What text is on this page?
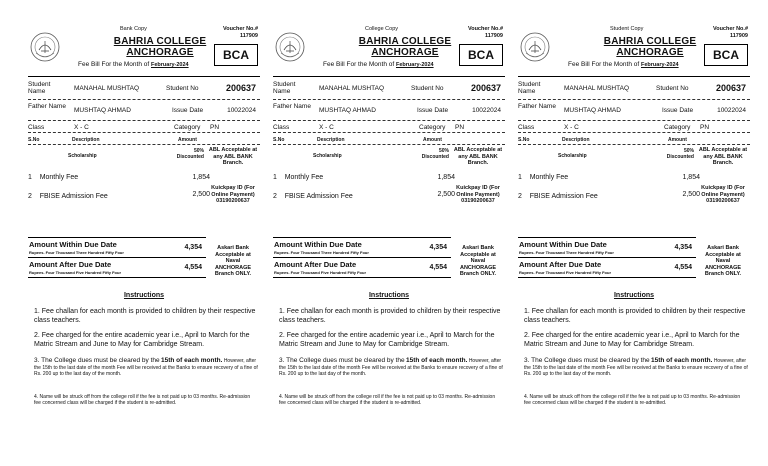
Bank Copy	Voucher No.#
117909
BAHRIA COLLEGE
ANCHORAGE	BCA
Fee Bill For the Month of February-2024
Student Name	MANAHAL MUSHTAQ	Student No	200637
Father Name
MUSHTAQ AHMAD	Issue Date	10022024
Class	X - C	Category PN
S.No	Description	Amount
Scholarship
50% Discounted
ABL Acceptable at any ABL BANK Branch.
1 Monthly Fee	1,854
2 FBISE Admission Fee	2,500
Kuickpay ID (For Online Payment) 03190200637
Amount Within Due Date
Rupees. Four Thousand Three Hundred Fifty Four
4,354
Amount After Due Date
Rupees. Four Thousand Five Hundred Fifty Four
4,554
Askari Bank Acceptable at Naval ANCHORAGE Branch ONLY.
Instructions
1. Fee challan for each month is provided to children by their respective class teachers.
2. Fee charged for the entire academic year i.e., April to March for the Matric Stream and June to May for Cambridge Stream.
3. The College dues must be cleared by the 15th of each month. However, after the 15th to the last date of the month Fee will be received at the Banks to ensure recovery of a fine of Rs. 200 up to the last day of the month.
4. Name will be struck off from the college roll if the fee is not paid up to 03 months. Re-admission fee concerned class will be charged if the student is re-admitted.
College Copy	Voucher No.#
117909
BAHRIA COLLEGE
ANCHORAGE	BCA
Fee Bill For the Month of February-2024
Student Name	MANAHAL MUSHTAQ	Student No	200637
Father Name
MUSHTAQ AHMAD	Issue Date	10022024
Class	X - C	Category PN
S.No	Description	Amount
Scholarship
50% Discounted
ABL Acceptable at any ABL BANK Branch.
1 Monthly Fee	1,854
2 FBISE Admission Fee	2,500
Kuickpay ID (For Online Payment) 03190200637
Amount Within Due Date
Rupees. Four Thousand Three Hundred Fifty Four
4,354
Amount After Due Date
Rupees. Four Thousand Five Hundred Fifty Four
4,554
Askari Bank Acceptable at Naval ANCHORAGE Branch ONLY.
Instructions
1. Fee challan for each month is provided to children by their respective class teachers.
2. Fee charged for the entire academic year i.e., April to March for the Matric Stream and June to May for Cambridge Stream.
3. The College dues must be cleared by the 15th of each month. However, after the 15th to the last date of the month Fee will be received at the Banks to ensure recovery of a fine of Rs. 200 up to the last day of the month.
4. Name will be struck off from the college roll if the fee is not paid up to 03 months. Re-admission fee concerned class will be charged if the student is re-admitted.
Student Copy	Voucher No.#
117909
BAHRIA COLLEGE
ANCHORAGE	BCA
Fee Bill For the Month of February-2024
Student Name	MANAHAL MUSHTAQ	Student No	200637
Father Name
MUSHTAQ AHMAD	Issue Date	10022024
Class	X - C	Category PN
S.No	Description	Amount
Scholarship
50% Discounted
ABL Acceptable at any ABL BANK Branch.
1 Monthly Fee	1,854
2 FBISE Admission Fee	2,500
Kuickpay ID (For Online Payment) 03190200637
Amount Within Due Date
Rupees. Four Thousand Three Hundred Fifty Four
4,354
Amount After Due Date
Rupees. Four Thousand Five Hundred Fifty Four
4,554
Askari Bank Acceptable at Naval ANCHORAGE Branch ONLY.
Instructions
1. Fee challan for each month is provided to children by their respective class teachers.
2. Fee charged for the entire academic year i.e., April to March for the Matric Stream and June to May for Cambridge Stream.
3. The College dues must be cleared by the 15th of each month. However, after the 15th to the last date of the month Fee will be received at the Banks to ensure recovery of a fine of Rs. 200 up to the last day of the month.
4. Name will be struck off from the college roll if the fee is not paid up to 03 months. Re-admission fee concerned class will be charged if the student is re-admitted.
